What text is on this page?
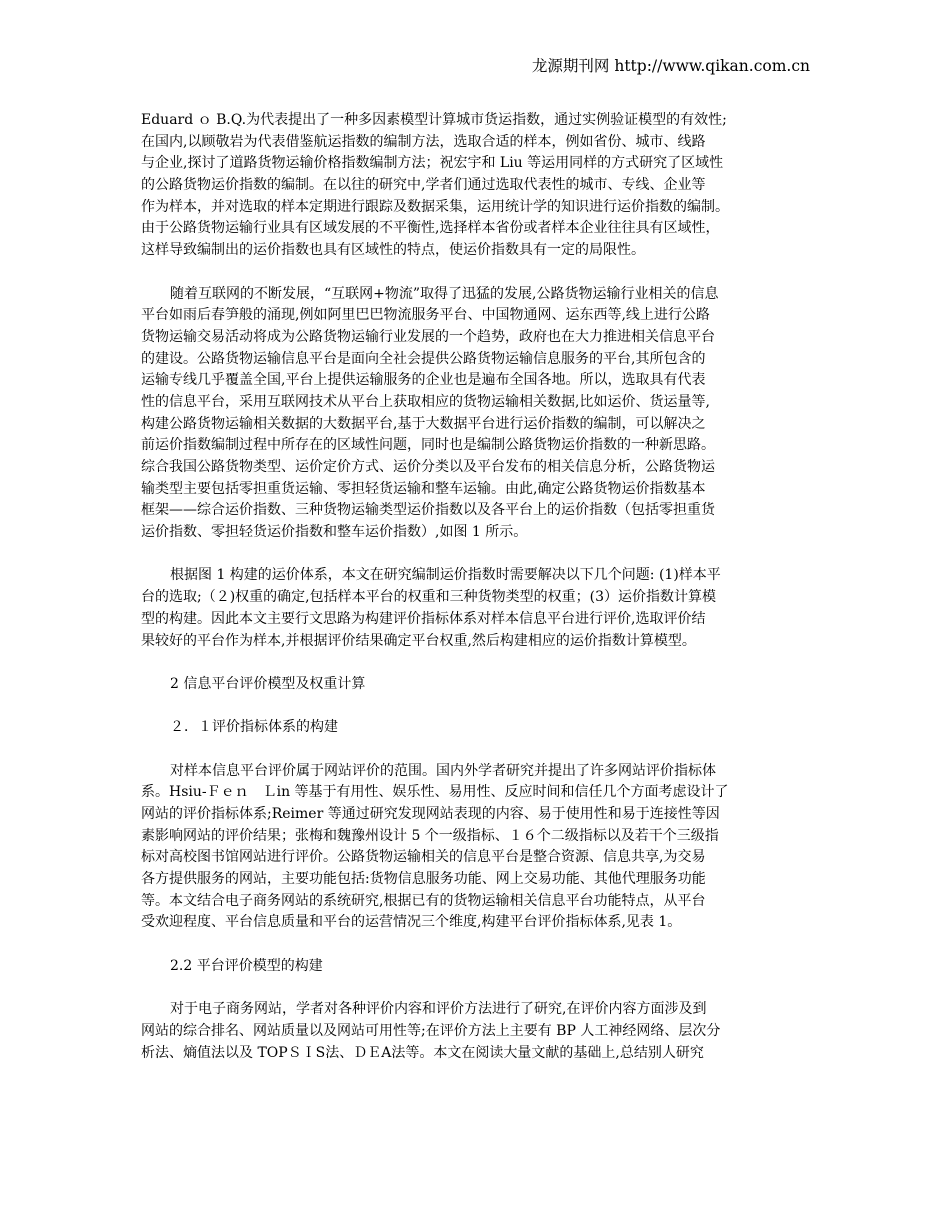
龙源期刊网 http://www.qikan.com.cn
Eduard ｏ B.Q.为代表提出了一种多因素模型计算城市货运指数，通过实例验证模型的有效性;
在国内,以顾敬岩为代表借鉴航运指数的编制方法，选取合适的样本，例如省份、城市、线路
与企业,探讨了道路货物运输价格指数编制方法；祝宏宇和 Liu 等运用同样的方式研究了区域性
的公路货物运价指数的编制。在以往的研究中,学者们通过选取代表性的城市、专线、企业等
作为样本，并对选取的样本定期进行跟踪及数据采集，运用统计学的知识进行运价指数的编制。
由于公路货物运输行业具有区域发展的不平衡性,选择样本省份或者样本企业往往具有区域性，
这样导致编制出的运价指数也具有区域性的特点，使运价指数具有一定的局限性。
随着互联网的不断发展，“互联网+物流”取得了迅猛的发展,公路货物运输行业相关的信息
平台如雨后春笋般的涌现,例如阿里巴巴物流服务平台、中国物通网、运东西等,线上进行公路
货物运输交易活动将成为公路货物运输行业发展的一个趋势，政府也在大力推进相关信息平台
的建设。公路货物运输信息平台是面向全社会提供公路货物运输信息服务的平台,其所包含的
运输专线几乎覆盖全国,平台上提供运输服务的企业也是遍布全国各地。所以，选取具有代表
性的信息平台，采用互联网技术从平台上获取相应的货物运输相关数据,比如运价、货运量等,
构建公路货物运输相关数据的大数据平台,基于大数据平台进行运价指数的编制，可以解决之
前运价指数编制过程中所存在的区域性问题，同时也是编制公路货物运价指数的一种新思路。
综合我国公路货物类型、运价定价方式、运价分类以及平台发布的相关信息分析，公路货物运
输类型主要包括零担重货运输、零担轻货运输和整车运输。由此,确定公路货物运价指数基本
框架——综合运价指数、三种货物运输类型运价指数以及各平台上的运价指数（包括零担重货
运价指数、零担轻货运价指数和整车运价指数）,如图 1 所示。
根据图 1 构建的运价体系，本文在研究编制运价指数时需要解决以下几个问题: (1)样本平
台的选取;（２)权重的确定,包括样本平台的权重和三种货物类型的权重；(3）运价指数计算模
型的构建。因此本文主要行文思路为构建评价指标体系对样本信息平台进行评价,选取评价结
果较好的平台作为样本,并根据评价结果确定平台权重,然后构建相应的运价指数计算模型。
2 信息平台评价模型及权重计算
２．１评价指标体系的构建
对样本信息平台评价属于网站评价的范围。国内外学者研究并提出了许多网站评价指标体
系。Hsiu-Ｆｅｎ　Ｌin 等基于有用性、娱乐性、易用性、反应时间和信任几个方面考虑设计了
网站的评价指标体系;Reimer 等通过研究发现网站表现的内容、易于使用性和易于连接性等因
素影响网站的评价结果；张梅和魏豫州设计 5 个一级指标、１６个二级指标以及若干个三级指
标对高校图书馆网站进行评价。公路货物运输相关的信息平台是整合资源、信息共享,为交易
各方提供服务的网站，主要功能包括:货物信息服务功能、网上交易功能、其他代理服务功能
等。本文结合电子商务网站的系统研究,根据已有的货物运输相关信息平台功能特点，从平台
受欢迎程度、平台信息质量和平台的运营情况三个维度,构建平台评价指标体系,见表 1。
2.2 平台评价模型的构建
对于电子商务网站，学者对各种评价内容和评价方法进行了研究,在评价内容方面涉及到
网站的综合排名、网站质量以及网站可用性等;在评价方法上主要有 BP 人工神经网络、层次分
析法、熵值法以及 TOPＳＩS法、ＤＥA法等。本文在阅读大量文献的基础上,总结别人研究
